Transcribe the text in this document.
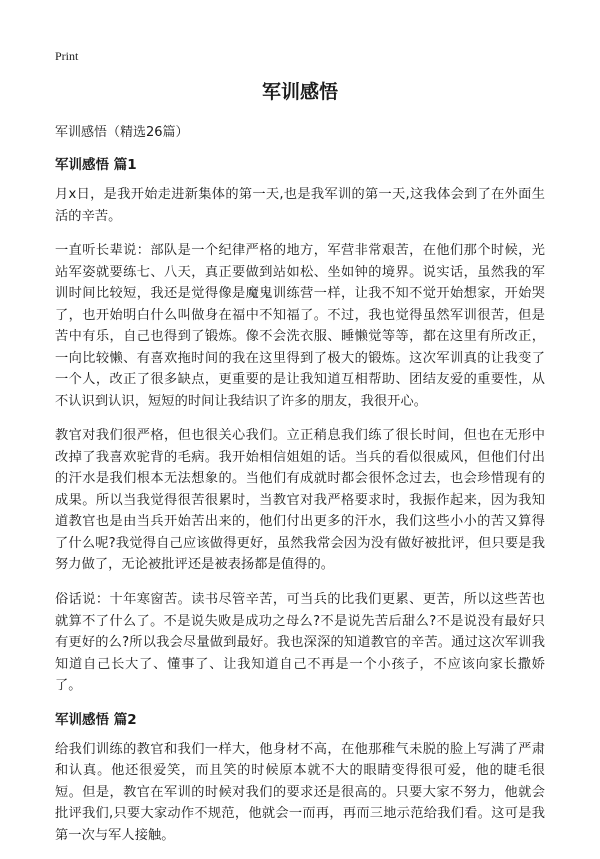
Print
军训感悟
军训感悟（精选26篇）
军训感悟 篇1

月x日，是我开始走进新集体的第一天,也是我军训的第一天,这我体会到了在外面生活的辛苦。

一直听长辈说：部队是一个纪律严格的地方，军营非常艰苦，在他们那个时候，光站军姿就要练七、八天，真正要做到站如松、坐如钟的境界。说实话，虽然我的军训时间比较短，我还是觉得像是魔鬼训练营一样，让我不知不觉开始想家，开始哭了，也开始明白什么叫做身在福中不知福了。不过，我也觉得虽然军训很苦，但是苦中有乐，自己也得到了锻炼。像不会洗衣服、睡懒觉等等，都在这里有所改正，一向比较懒、有喜欢拖时间的我在这里得到了极大的锻炼。这次军训真的让我变了一个人，改正了很多缺点，更重要的是让我知道互相帮助、团结友爱的重要性，从不认识到认识，短短的时间让我结识了许多的朋友，我很开心。

教官对我们很严格，但也很关心我们。立正稍息我们练了很长时间，但也在无形中改掉了我喜欢驼背的毛病。我开始相信姐姐的话。当兵的看似很威风，但他们付出的汗水是我们根本无法想象的。当他们有成就时都会很怀念过去，也会珍惜现有的成果。所以当我觉得很苦很累时，当教官对我严格要求时，我振作起来，因为我知道教官也是由当兵开始苦出来的，他们付出更多的汗水，我们这些小小的苦又算得了什么呢?我觉得自己应该做得更好，虽然我常会因为没有做好被批评，但只要是我努力做了，无论被批评还是被表扬都是值得的。

俗话说：十年寒窗苦。读书尽管辛苦，可当兵的比我们更累、更苦，所以这些苦也就算不了什么了。不是说失败是成功之母么?不是说先苦后甜么?不是说没有最好只有更好的么?所以我会尽量做到最好。我也深深的知道教官的辛苦。通过这次军训我知道自己长大了、懂事了、让我知道自己不再是一个小孩子，不应该向家长撒娇了。

军训感悟 篇2

给我们训练的教官和我们一样大，他身材不高，在他那稚气未脱的脸上写满了严肃和认真。他还很爱笑，而且笑的时候原本就不大的眼睛变得很可爱，他的睫毛很短。但是，教官在军训的时候对我们的要求还是很高的。只要大家不努力，他就会批评我们,只要大家动作不规范，他就会一而再，再而三地示范给我们看。这可是我第一次与军人接触。
